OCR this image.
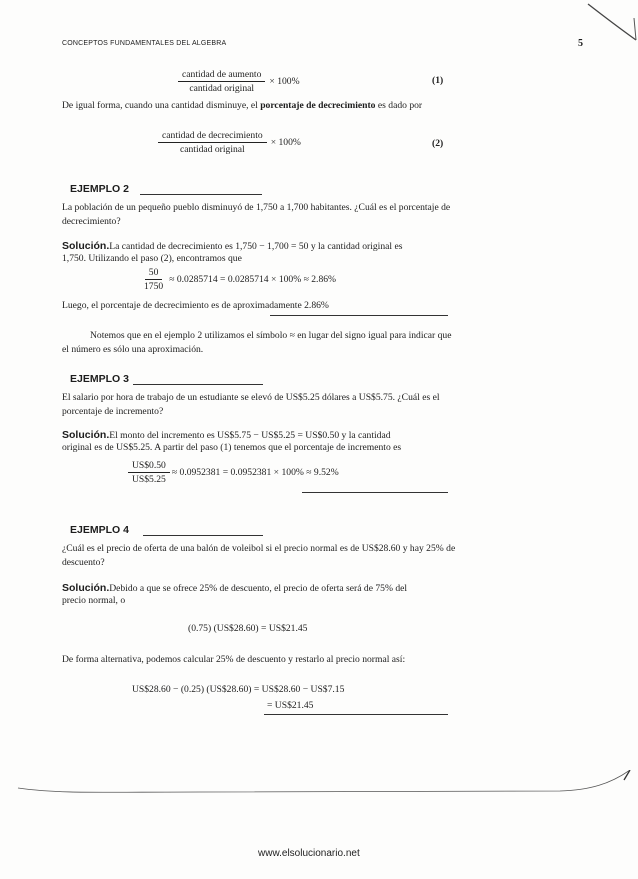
CONCEPTOS FUNDAMENTALES DEL ALGEBRA	5
$\frac{\text{cantidad de aumento}}{\text{cantidad original}} \times 100\%$	(1)
De igual forma, cuando una cantidad disminuye, el porcentaje de decrecimiento es dado por
$\frac{\text{cantidad de decrecimiento}}{\text{cantidad original}} \times 100\%$	(2)
EJEMPLO 2
La población de un pequeño pueblo disminuyó de 1,750 a 1,700 habitantes. ¿Cuál es el porcentaje de decrecimiento?
Solución.La cantidad de decrecimiento es 1,750 − 1,700 = 50 y la cantidad original es
1,750. Utilizando el paso (2), encontramos que
$\frac{50}{1750} \approx 0.0285714 = 0.0285714 \times 100\% \approx 2.86\%$
Luego, el porcentaje de decrecimiento es de aproximadamente 2.86%
Notemos que en el ejemplo 2 utilizamos el símbolo ≈ en lugar del signo igual para indicar que el número es sólo una aproximación.
EJEMPLO 3
El salario por hora de trabajo de un estudiante se elevó de US$5.25 dólares a US$5.75. ¿Cuál es el porcentaje de incremento?
Solución.El monto del incremento es US$5.75 − US$5.25 = US$0.50 y la cantidad
original es de US$5.25. A partir del paso (1) tenemos que el porcentaje de incremento es
$\frac{US\$0.50}{US\$5.25} \approx 0.0952381 = 0.0952381 \times 100\% \approx 9.52\%$
EJEMPLO 4
¿Cuál es el precio de oferta de una balón de voleibol si el precio normal es de US$28.60 y hay 25% de descuento?
Solución.Debido a que se ofrece 25% de descuento, el precio de oferta será de 75% del
precio normal, o
(0.75) (US$28.60) = US$21.45
De forma alternativa, podemos calcular 25% de descuento y restarlo al precio normal así:
US$28.60 − (0.25) (US$28.60) = US$28.60 − US$7.15
= US$21.45
www.elsolucionario.net
